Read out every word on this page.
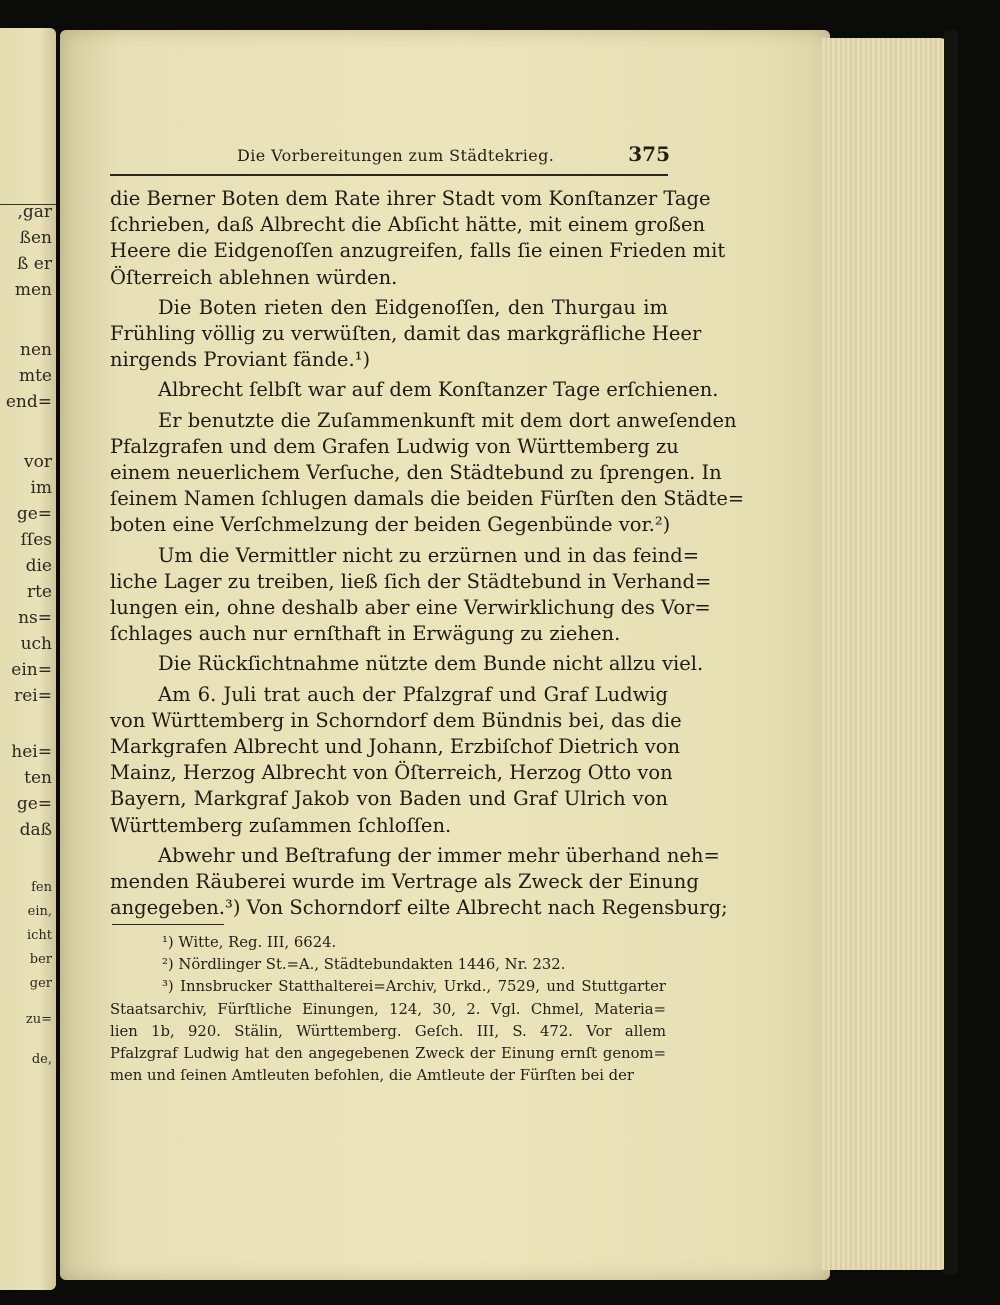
,gar
ßen
ß er
men
nen
mte
end=
vor
im
ge=
ſſes
die
rte
ns=
uch
ein=
rei=
hei=
ten
ge=
daß
fen
ein,
icht
ber
ger
zu=
de,
Die Vorbereitungen zum Städtekrieg.	375
die Berner Boten dem Rate ihrer Stadt vom Konſtanzer Tage
ſchrieben, daß Albrecht die Abſicht hätte, mit einem großen
Heere die Eidgenoſſen anzugreifen, falls ſie einen Frieden mit
Öſterreich ablehnen würden.
Die Boten rieten den Eidgenoſſen, den Thurgau im
Frühling völlig zu verwüſten, damit das markgräfliche Heer
nirgends Proviant fände.¹)
Albrecht ſelbſt war auf dem Konſtanzer Tage erſchienen.
Er benutzte die Zuſammenkunft mit dem dort anweſenden
Pfalzgrafen und dem Grafen Ludwig von Württemberg zu
einem neuerlichem Verſuche, den Städtebund zu ſprengen. In
ſeinem Namen ſchlugen damals die beiden Fürſten den Städte=
boten eine Verſchmelzung der beiden Gegenbünde vor.²)
Um die Vermittler nicht zu erzürnen und in das feind=
liche Lager zu treiben, ließ ſich der Städtebund in Verhand=
lungen ein, ohne deshalb aber eine Verwirklichung des Vor=
ſchlages auch nur ernſthaft in Erwägung zu ziehen.
Die Rückſichtnahme nützte dem Bunde nicht allzu viel.
Am 6. Juli trat auch der Pfalzgraf und Graf Ludwig
von Württemberg in Schorndorf dem Bündnis bei, das die
Markgrafen Albrecht und Johann, Erzbiſchof Dietrich von
Mainz, Herzog Albrecht von Öſterreich, Herzog Otto von
Bayern, Markgraf Jakob von Baden und Graf Ulrich von
Württemberg zuſammen ſchloſſen.
Abwehr und Beſtrafung der immer mehr überhand neh=
menden Räuberei wurde im Vertrage als Zweck der Einung
angegeben.³) Von Schorndorf eilte Albrecht nach Regensburg;
¹) Witte, Reg. III, 6624.
²) Nördlinger St.=A., Städtebundakten 1446, Nr. 232.
³) Innsbrucker Statthalterei=Archiv, Urkd., 7529, und Stuttgarter
Staatsarchiv, Fürſtliche Einungen, 124, 30, 2. Vgl. Chmel, Materia=
lien 1b, 920. Stälin, Württemberg. Geſch. III, S. 472. Vor allem
Pfalzgraf Ludwig hat den angegebenen Zweck der Einung ernſt genom=
men und ſeinen Amtleuten befohlen, die Amtleute der Fürſten bei der
